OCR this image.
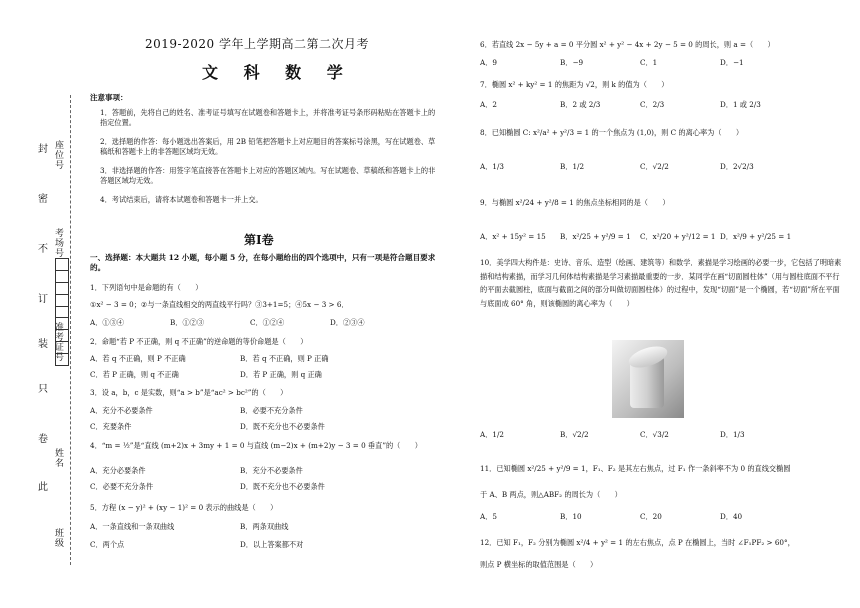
封
密
不
订
装
只
卷
此
座位号
考场号
准考证号
姓名
班级
2019-2020 学年上学期高二第二次月考
文 科 数 学
注意事项：
1．答题前，先将自己的姓名、准考证号填写在试题卷和答题卡上，并将准考证号条形码粘贴在答题卡上的指定位置。
2．选择题的作答：每小题选出答案后，用 2B 铅笔把答题卡上对应题目的答案标号涂黑，写在试题卷、草稿纸和答题卡上的非答题区域均无效。
3．非选择题的作答：用签字笔直接答在答题卡上对应的答题区域内。写在试题卷、草稿纸和答题卡上的非答题区域均无效。
4．考试结束后，请将本试题卷和答题卡一并上交。
第Ⅰ卷
一、选择题：本大题共 12 小题，每小题 5 分，在每小题给出的四个选项中，只有一项是符合题目要求的。
1．下列语句中是命题的有（　　）
①x² − 3 = 0；②与一条直线相交的两直线平行吗？③3+1=5；④5x − 3 > 6．
A．①③④	B．①②③	C．①②④	D．②③④
2．命题“若 P 不正确，则 q 不正确”的逆命题的等价命题是（　　）
A．若 q 不正确，则 P 不正确	B．若 q 不正确，则 P 正确
C．若 P 正确，则 q 不正确	D．若 P 正确，则 q 正确
3．设 a，b，c 是实数，则“a > b”是“ac² > bc²”的（　　）
A．充分不必要条件	B．必要不充分条件
C．充要条件	D．既不充分也不必要条件
4．“m = ½”是“直线 (m+2)x + 3my + 1 = 0 与直线 (m−2)x + (m+2)y − 3 = 0 垂直”的（　　）
A．充分必要条件	B．充分不必要条件
C．必要不充分条件	D．既不充分也不必要条件
5．方程 (x − y)² + (xy − 1)² = 0 表示的曲线是（　　）
A．一条直线和一条双曲线	B．两条双曲线
C．两个点	D．以上答案都不对
6．若直线 2x − 5y + a = 0 平分圆 x² + y² − 4x + 2y − 5 = 0 的周长，则 a =（　　）
A．9	B．−9	C．1	D．−1
7．椭圆 x² + ky² = 1 的焦距为 √2，则 k 的值为（　　）
A．2	B．2 或 2/3	C．2/3	D．1 或 2/3
8．已知椭圆 C: x²/a² + y²/3 = 1 的一个焦点为 (1,0)，则 C 的离心率为（　　）
A．1/3	B．1/2	C．√2/2	D．2√2/3
9．与椭圆 x²/24 + y²/8 = 1 的焦点坐标相同的是（　　）
A．x² + 15y² = 15 B．x²/25 + y²/9 = 1 C．x²/20 + y²/12 = 1 D．x²/9 + y²/25 = 1
10．美学四大构件是：史诗、音乐、造型（绘画、建筑等）和数学．素描是学习绘画的必要一步，它包括了明暗素描和结构素描，而学习几何体结构素描是学习素描最重要的一步．某同学在画“切面圆柱体”（用与圆柱底面不平行的平面去截圆柱，底面与截面之间的部分叫做切面圆柱体）的过程中，发现“切面”是一个椭圆，若“切面”所在平面与底面成 60° 角，则该椭圆的离心率为（　　）
A．1/2	B．√2/2	C．√3/2	D．1/3
11．已知椭圆 x²/25 + y²/9 = 1，F₁、F₂ 是其左右焦点，过 F₁ 作一条斜率不为 0 的直线交椭圆
于 A、B 两点，则△ABF₂ 的周长为（　　）
A．5	B．10	C．20	D．40
12．已知 F₁，F₂ 分别为椭圆 x²/4 + y² = 1 的左右焦点，点 P 在椭圆上，当时 ∠F₁PF₂ > 60°，
则点 P 横坐标的取值范围是（　　）
